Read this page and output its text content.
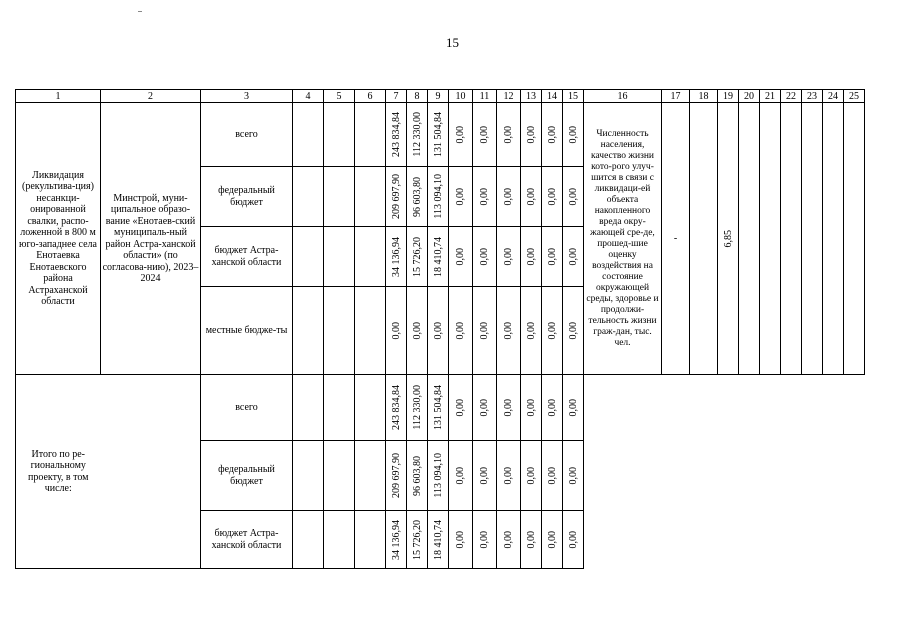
15
1	2	3	4	5	6	7	8	9	10	11	12	13	14	15	16	17	18	19	20	21	22	23	24	25
Ликвидация (рекультива-ция) несанкци-онированной свалки, распо-ложенной в 800 м юго-западнее села Енотаевка Енотаевского района Астраханской области	Минстрой, муни-ципальное образо-вание «Енотаев-ский муниципаль-ный район Астра-ханской области» (по согласова-нию), 2023–2024	всего				243 834,84	112 330,00	131 504,84	0,00	0,00	0,00	0,00	0,00	0,00	Численность населения, качество жизни кото-рого улуч-шится в связи с ликвидаци-ей объекта накопленного вреда окру-жающей сре-де, прошед-шие оценку воздействия на состояние окружающей среды, здоровье и продолжи-тельность жизни граж-дан, тыс. чел.	-		6,85						

		федеральный бюджет				209 697,90	96 603,80	113 094,10	0,00	0,00	0,00	0,00	0,00	0,00										

		бюджет Астра-ханской области				34 136,94	15 726,20	18 410,74	0,00	0,00	0,00	0,00	0,00	0,00										

		местные бюдже-ты				0,00	0,00	0,00	0,00	0,00	0,00	0,00	0,00	0,00										

Итого по ре-гиональному проекту, в том числе:		всего				243 834,84	112 330,00	131 504,84	0,00	0,00	0,00	0,00	0,00	0,00										

		федеральный бюджет				209 697,90	96 603,80	113 094,10	0,00	0,00	0,00	0,00	0,00	0,00										

		бюджет Астра-ханской области				34 136,94	15 726,20	18 410,74	0,00	0,00	0,00	0,00	0,00	0,00										
